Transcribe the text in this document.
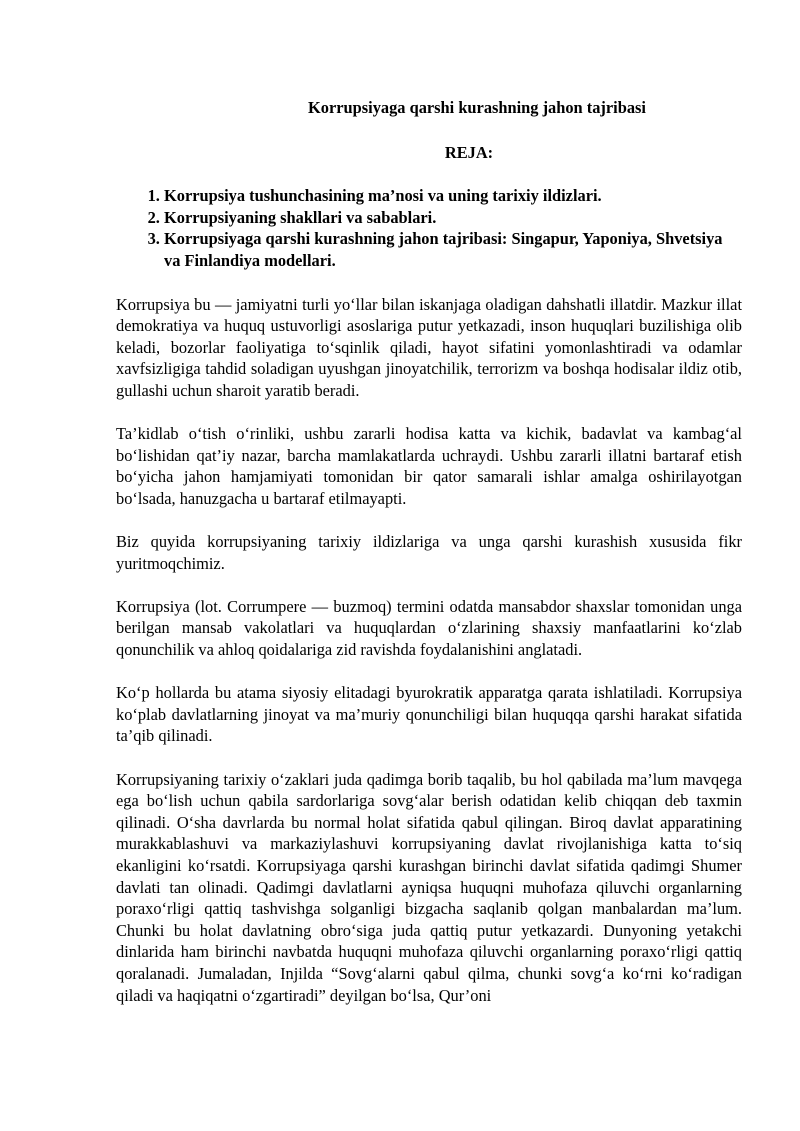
Korrupsiyaga qarshi kurashning jahon tajribasi
REJA:
1. Korrupsiya tushunchasining ma’nosi va uning tarixiy ildizlari.
2. Korrupsiyaning shakllari va sabablari.
3. Korrupsiyaga qarshi kurashning jahon tajribasi: Singapur, Yaponiya, Shvetsiya va Finlandiya modellari.

Korrupsiya bu — jamiyatni turli yo‘llar bilan iskanjaga oladigan dahshatli illatdir. Mazkur illat demokratiya va huquq ustuvorligi asoslariga putur yetkazadi, inson huquqlari buzilishiga olib keladi, bozorlar faoliyatiga to‘sqinlik qiladi, hayot sifatini yomonlashtiradi va odamlar xavfsizligiga tahdid soladigan uyushgan jinoyatchilik, terrorizm va boshqa hodisalar ildiz otib, gullashi uchun sharoit yaratib beradi.

Ta’kidlab o‘tish o‘rinliki, ushbu zararli hodisa katta va kichik, badavlat va kambag‘al bo‘lishidan qat’iy nazar, barcha mamlakatlarda uchraydi. Ushbu zararli illatni bartaraf etish bo‘yicha jahon hamjamiyati tomonidan bir qator samarali ishlar amalga oshirilayotgan bo‘lsada, hanuzgacha u bartaraf etilmayapti.

Biz quyida korrupsiyaning tarixiy ildizlariga va unga qarshi kurashish xususida fikr yuritmoqchimiz.

Korrupsiya (lot. Corrumpere — buzmoq) termini odatda mansabdor shaxslar tomonidan unga berilgan mansab vakolatlari va huquqlardan o‘zlarining shaxsiy manfaatlarini ko‘zlab qonunchilik va ahloq qoidalariga zid ravishda foydalanishini anglatadi.

Ko‘p hollarda bu atama siyosiy elitadagi byurokratik apparatga qarata ishlatiladi. Korrupsiya ko‘plab davlatlarning jinoyat va ma’muriy qonunchiligi bilan huquqqa qarshi harakat sifatida ta’qib qilinadi.

Korrupsiyaning tarixiy o‘zaklari juda qadimga borib taqalib, bu hol qabilada ma’lum mavqega ega bo‘lish uchun qabila sardorlariga sovg‘alar berish odatidan kelib chiqqan deb taxmin qilinadi. O‘sha davrlarda bu normal holat sifatida qabul qilingan. Biroq davlat apparatining murakkablashuvi va markaziylashuvi korrupsiyaning davlat rivojlanishiga katta to‘siq ekanligini ko‘rsatdi. Korrupsiyaga qarshi kurashgan birinchi davlat sifatida qadimgi Shumer davlati tan olinadi. Qadimgi davlatlarni ayniqsa huquqni muhofaza qiluvchi organlarning poraxo‘rligi qattiq tashvishga solganligi bizgacha saqlanib qolgan manbalardan ma’lum. Chunki bu holat davlatning obro‘siga juda qattiq putur yetkazardi. Dunyoning yetakchi dinlarida ham birinchi navbatda huquqni muhofaza qiluvchi organlarning poraxo‘rligi qattiq qoralanadi. Jumaladan, Injilda “Sovg‘alarni qabul qilma, chunki sovg‘a ko‘rni ko‘radigan qiladi va haqiqatni o‘zgartiradi” deyilgan bo‘lsa, Qur’oni
